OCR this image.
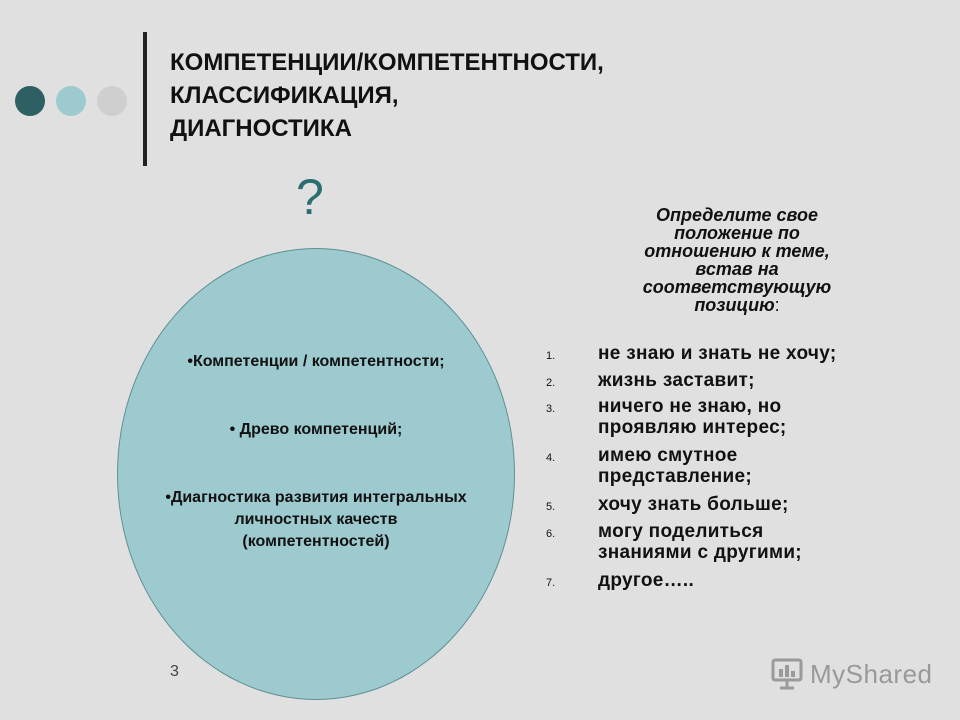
КОМПЕТЕНЦИИ/КОМПЕТЕНТНОСТИ,
КЛАССИФИКАЦИЯ,
ДИАГНОСТИКА
?
•Компетенции / компетентности;
• Древо компетенций;
•Диагностика развития интегральных
личностных качеств
(компетентностей)
Определите свое
положение по
отношению к теме,
встав на
соответствующую
позицию:
1. не знаю и знать не хочу;
2. жизнь заставит;
3. ничего не знаю, но
проявляю интерес;
4. имею смутное
представление;
5. хочу знать больше;
6. могу поделиться
знаниями с другими;
7. другое…..
3	MyShared
